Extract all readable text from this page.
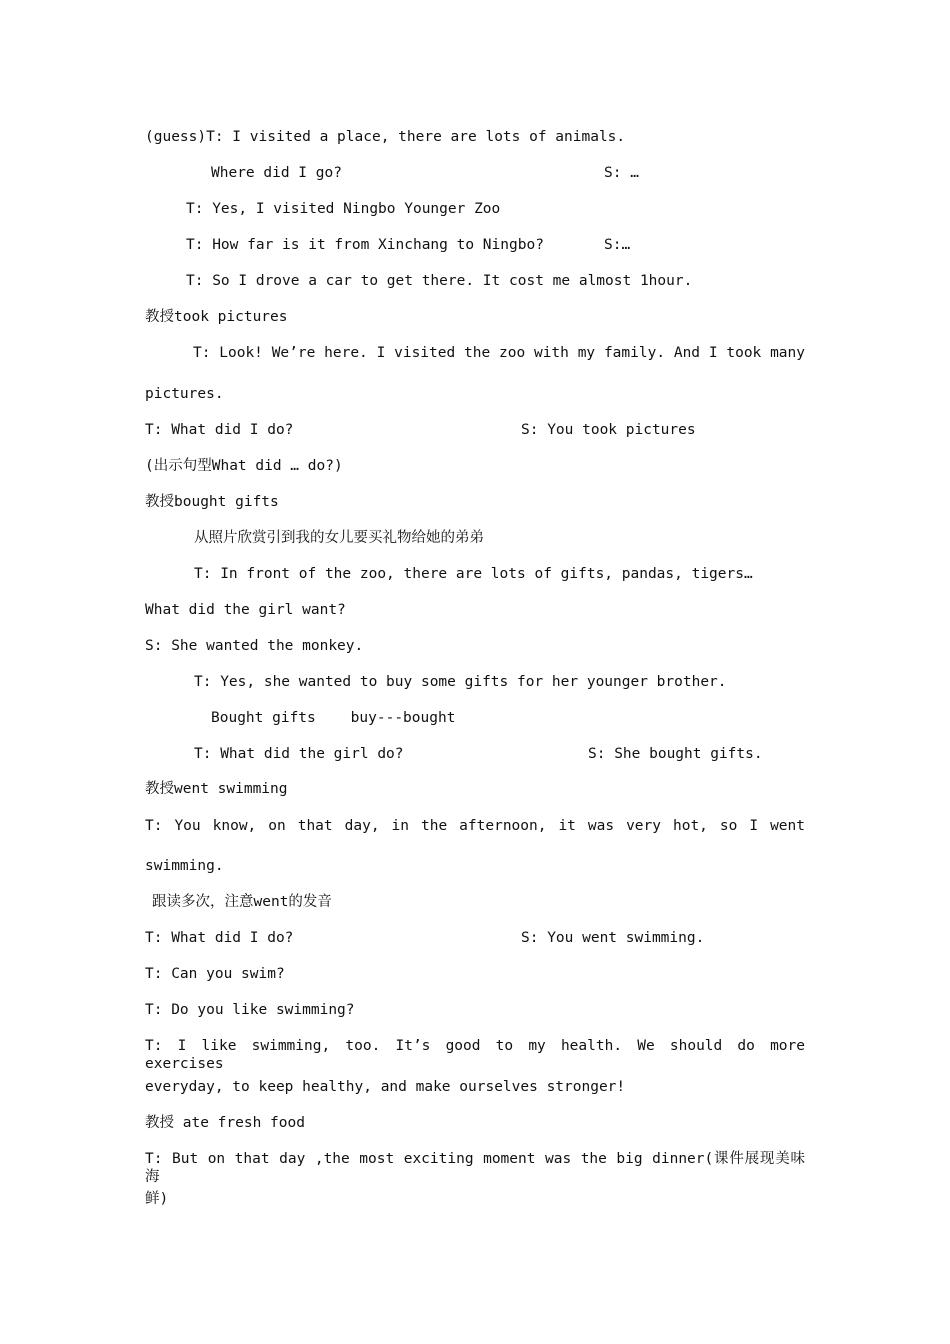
(guess)T: I visited a place, there are lots of animals.
Where did I go?	S: …
T: Yes, I visited Ningbo Younger Zoo
T: How far is it from Xinchang to Ningbo?	S:…
T: So I drove a car to get there. It cost me almost 1hour.
教授took pictures
T: Look! We’re here. I visited the zoo with my family. And I took many
pictures.
T: What did I do?	S: You took pictures
(出示句型What did … do?)
教授bought gifts
从照片欣赏引到我的女儿要买礼物给她的弟弟
T: In front of the zoo, there are lots of gifts, pandas, tigers…
What did the girl want?
S: She wanted the monkey.
T: Yes, she wanted to buy some gifts for her younger brother.
Bought gifts    buy---bought
T: What did the girl do?	S: She bought gifts.
教授went swimming
T: You know, on that day, in the afternoon, it was very hot, so I went
swimming.
跟读多次，注意went的发音
T: What did I do?	S: You went swimming.
T: Can you swim?
T: Do you like swimming?
T: I like swimming, too. It’s good to my health. We should do more exercises
everyday, to keep healthy, and make ourselves stronger!
教授 ate fresh food
T: But on that day ,the most exciting moment was the big dinner(课件展现美味海
鲜)
